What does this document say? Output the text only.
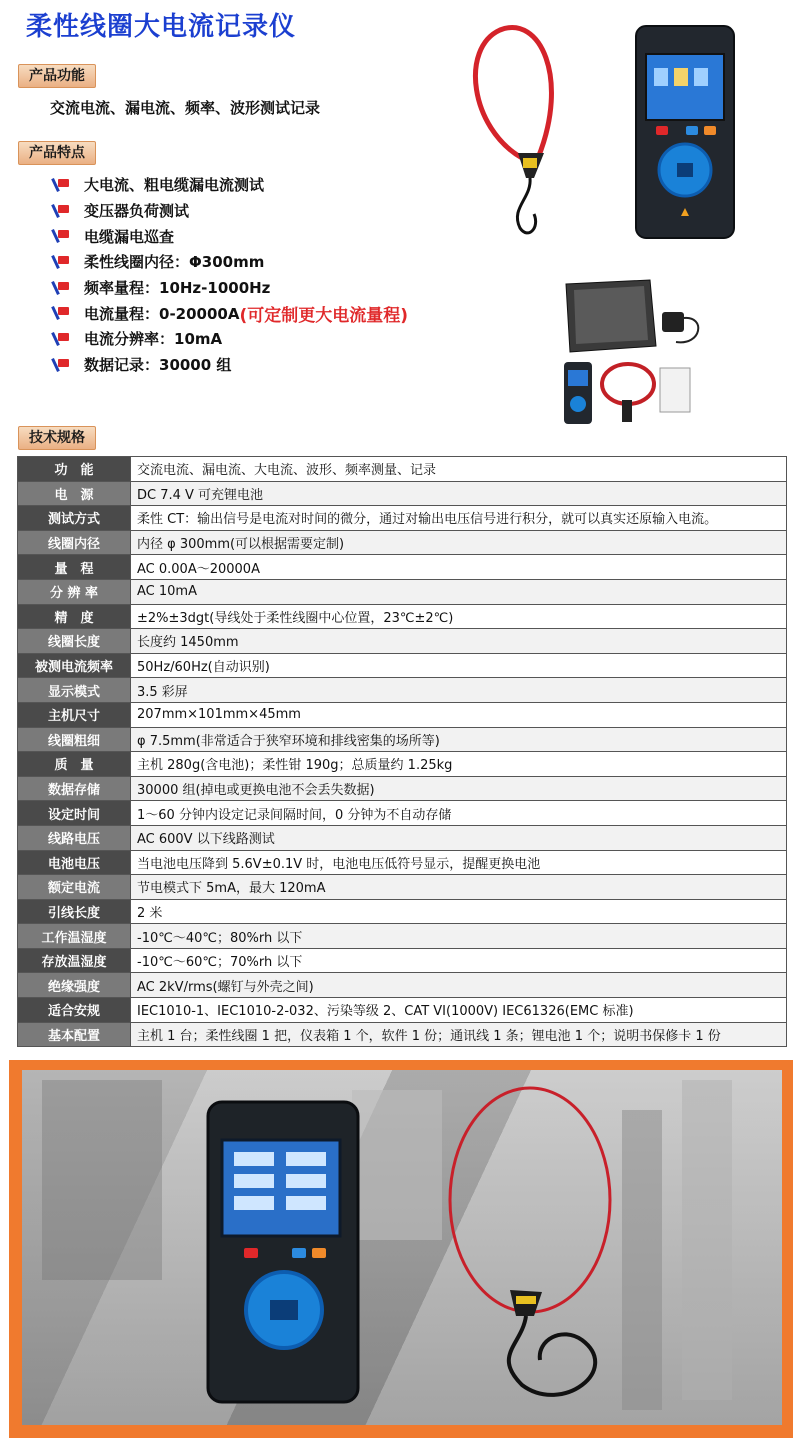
柔性线圈大电流记录仪
产品功能
交流电流、漏电流、频率、波形测试记录
产品特点
大电流、粗电缆漏电流测试
变压器负荷测试
电缆漏电巡查
柔性线圈内径：Φ300mm
频率量程：10Hz-1000Hz
电流量程：0-20000A (可定制更大电流量程)
电流分辨率：10mA
数据记录：30000 组
技术规格
功　能	交流电流、漏电流、大电流、波形、频率测量、记录
电　源	DC 7.4 V 可充锂电池
测试方式	柔性 CT：输出信号是电流对时间的微分，通过对输出电压信号进行积分，就可以真实还原输入电流。
线圈内径	内径 φ 300mm(可以根据需要定制)
量　程	AC 0.00A～20000A
分 辨 率	AC 10mA
精　度	±2%±3dgt(导线处于柔性线圈中心位置，23℃±2℃)
线圈长度	长度约 1450mm
被测电流频率	50Hz/60Hz(自动识别)
显示模式	3.5 彩屏
主机尺寸	207mm×101mm×45mm
线圈粗细	φ 7.5mm(非常适合于狭窄环境和排线密集的场所等)
质　量	主机 280g(含电池)；柔性钳 190g；总质量约 1.25kg
数据存储	30000 组(掉电或更换电池不会丢失数据)
设定时间	1～60 分钟内设定记录间隔时间，0 分钟为不自动存储
线路电压	AC 600V 以下线路测试
电池电压	当电池电压降到 5.6V±0.1V 时，电池电压低符号显示，提醒更换电池
额定电流	节电模式下 5mA，最大 120mA
引线长度	2 米
工作温湿度	-10℃～40℃；80%rh 以下
存放温湿度	-10℃～60℃；70%rh 以下
绝缘强度	AC 2kV/rms(螺钉与外壳之间)
适合安规	IEC1010-1、IEC1010-2-032、污染等级 2、CAT VI(1000V) IEC61326(EMC 标准)
基本配置	主机 1 台；柔性线圈 1 把，仪表箱 1 个，软件 1 份；通讯线 1 条；锂电池 1 个；说明书保修卡 1 份
